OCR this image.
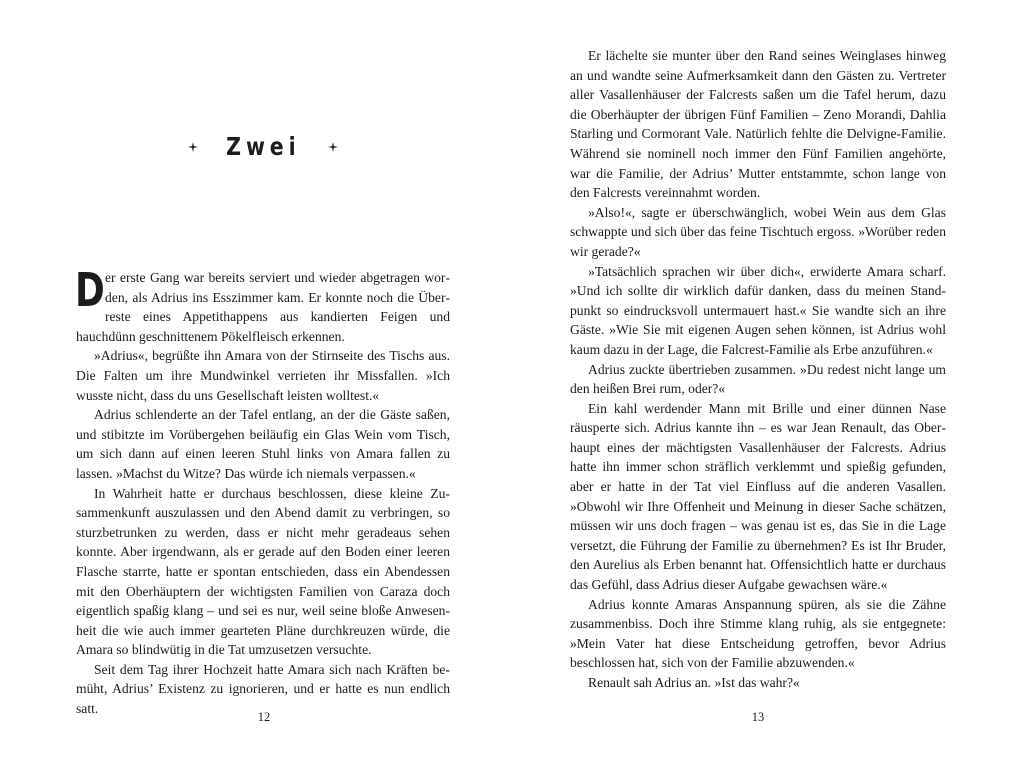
Zwei

Der erste Gang war bereits serviert und wieder abgetragen worden, als Adrius ins Esszimmer kam. Er konnte noch die Überreste eines Appetithappens aus kandierten Feigen und hauchdünn geschnittenem Pökelfleisch erkennen.

»Adrius«, begrüßte ihn Amara von der Stirnseite des Tischs aus. Die Falten um ihre Mundwinkel verrieten ihr Missfallen. »Ich wusste nicht, dass du uns Gesellschaft leisten wolltest.«

Adrius schlenderte an der Tafel entlang, an der die Gäste saßen, und stibitzte im Vorübergehen beiläufig ein Glas Wein vom Tisch, um sich dann auf einen leeren Stuhl links von Amara fallen zu lassen. »Machst du Witze? Das würde ich niemals verpassen.«

In Wahrheit hatte er durchaus beschlossen, diese kleine Zusammenkunft auszulassen und den Abend damit zu verbringen, so sturzbetrunken zu werden, dass er nicht mehr geradeaus sehen konnte. Aber irgendwann, als er gerade auf den Boden einer leeren Flasche starrte, hatte er spontan entschieden, dass ein Abendessen mit den Oberhäuptern der wichtigsten Familien von Caraza doch eigentlich spaßig klang – und sei es nur, weil seine bloße Anwesenheit die wie auch immer gearteten Pläne durchkreuzen würde, die Amara so blindwütig in die Tat umzusetzen versuchte.

Seit dem Tag ihrer Hochzeit hatte Amara sich nach Kräften bemüht, Adrius’ Existenz zu ignorieren, und er hatte es nun endlich satt.

Er lächelte sie munter über den Rand seines Weinglases hinweg an und wandte seine Aufmerksamkeit dann den Gästen zu. Vertreter aller Vasallenhäuser der Falcrests saßen um die Tafel herum, dazu die Oberhäupter der übrigen Fünf Familien – Zeno Morandi, Dahlia Starling und Cormorant Vale. Natürlich fehlte die Delvigne-Familie. Während sie nominell noch immer den Fünf Familien angehörte, war die Familie, der Adrius’ Mutter entstammte, schon lange von den Falcrests vereinnahmt worden.

»Also!«, sagte er überschwänglich, wobei Wein aus dem Glas schwappte und sich über das feine Tischtuch ergoss. »Worüber reden wir gerade?«

»Tatsächlich sprachen wir über dich«, erwiderte Amara scharf. »Und ich sollte dir wirklich dafür danken, dass du meinen Standpunkt so eindrucksvoll untermauert hast.« Sie wandte sich an ihre Gäste. »Wie Sie mit eigenen Augen sehen können, ist Adrius wohl kaum dazu in der Lage, die Falcrest-Familie als Erbe anzuführen.«

Adrius zuckte übertrieben zusammen. »Du redest nicht lange um den heißen Brei rum, oder?«

Ein kahl werdender Mann mit Brille und einer dünnen Nase räusperte sich. Adrius kannte ihn – es war Jean Renault, das Oberhaupt eines der mächtigsten Vasallenhäuser der Falcrests. Adrius hatte ihn immer schon sträflich verklemmt und spießig gefunden, aber er hatte in der Tat viel Einfluss auf die anderen Vasallen. »Obwohl wir Ihre Offenheit und Meinung in dieser Sache schätzen, müssen wir uns doch fragen – was genau ist es, das Sie in die Lage versetzt, die Führung der Familie zu übernehmen? Es ist Ihr Bruder, den Aurelius als Erben benannt hat. Offensichtlich hatte er durchaus das Gefühl, dass Adrius dieser Aufgabe gewachsen wäre.«

Adrius konnte Amaras Anspannung spüren, als sie die Zähne zusammenbiss. Doch ihre Stimme klang ruhig, als sie entgegnete: »Mein Vater hat diese Entscheidung getroffen, bevor Adrius beschlossen hat, sich von der Familie abzuwenden.«

Renault sah Adrius an. »Ist das wahr?«

12	13
